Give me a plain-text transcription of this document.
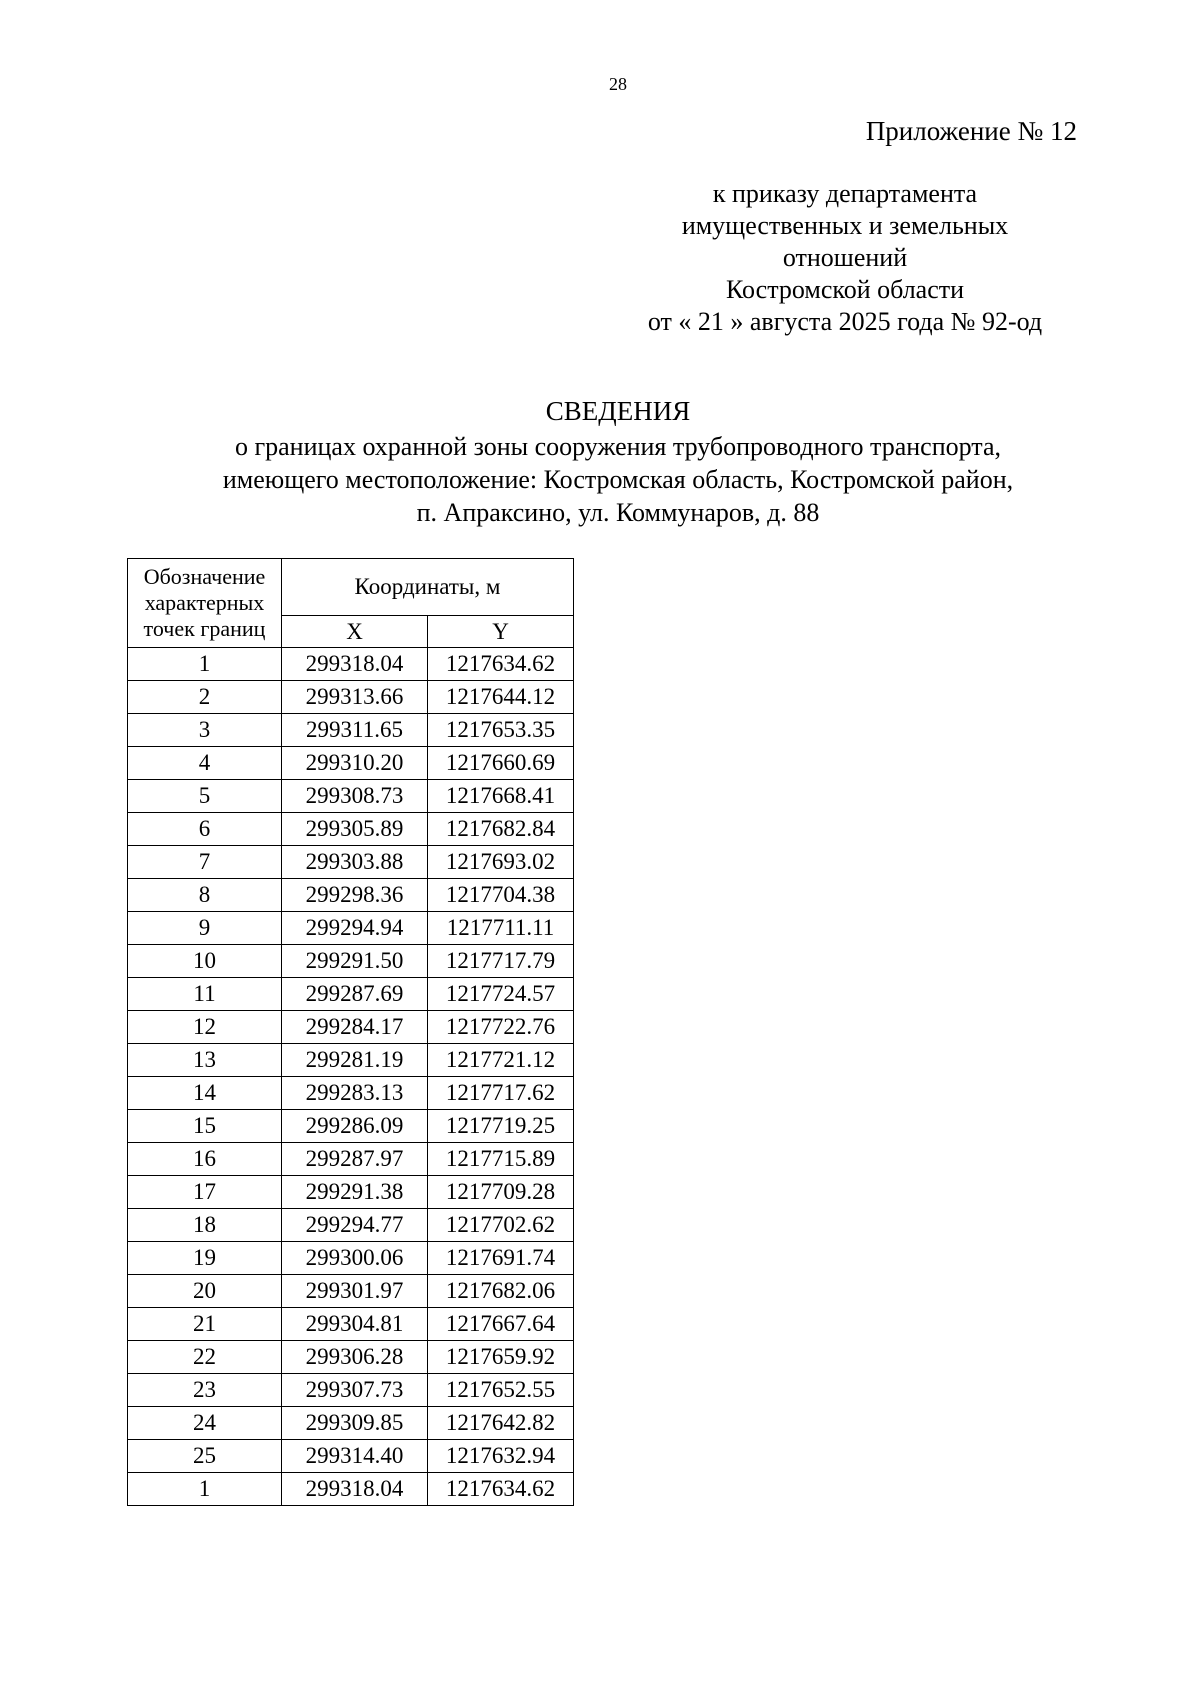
28
Приложение № 12
к приказу департамента
имущественных и земельных
отношений
Костромской области
от « 21 » августа 2025 года № 92-од
СВЕДЕНИЯ
о границах охранной зоны сооружения трубопроводного транспорта,
имеющего местоположение: Костромская область, Костромской район,
п. Апраксино, ул. Коммунаров, д. 88
Обозначение
характерных
точек границ	Координаты, м	
	X	Y
1	299318.04	1217634.62
2	299313.66	1217644.12
3	299311.65	1217653.35
4	299310.20	1217660.69
5	299308.73	1217668.41
6	299305.89	1217682.84
7	299303.88	1217693.02
8	299298.36	1217704.38
9	299294.94	1217711.11
10	299291.50	1217717.79
11	299287.69	1217724.57
12	299284.17	1217722.76
13	299281.19	1217721.12
14	299283.13	1217717.62
15	299286.09	1217719.25
16	299287.97	1217715.89
17	299291.38	1217709.28
18	299294.77	1217702.62
19	299300.06	1217691.74
20	299301.97	1217682.06
21	299304.81	1217667.64
22	299306.28	1217659.92
23	299307.73	1217652.55
24	299309.85	1217642.82
25	299314.40	1217632.94
1	299318.04	1217634.62
